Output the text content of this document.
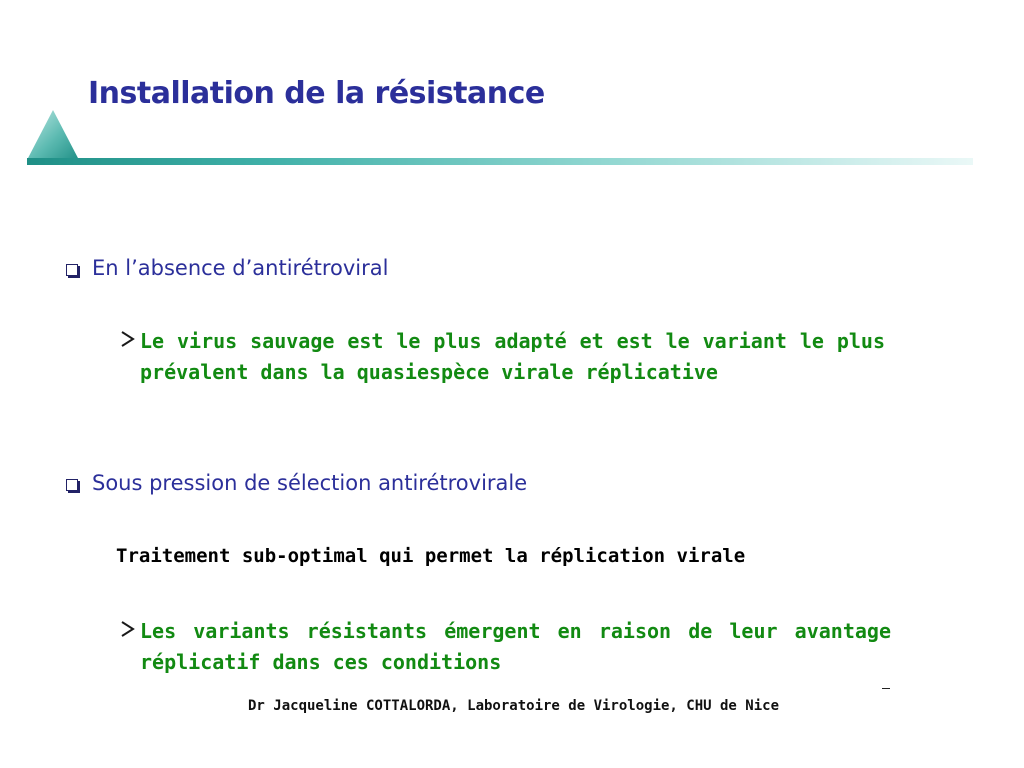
Installation de la résistance
En l’absence d’antirétroviral
Le virus sauvage est le plus adapté et est le variant le plus prévalent dans la quasiespèce virale réplicative
Sous pression de sélection antirétrovirale
Traitement sub-optimal qui permet la réplication virale
Les variants résistants émergent en raison de leur avantage réplicatif dans ces conditions
Dr Jacqueline COTTALORDA, Laboratoire de Virologie, CHU de Nice
